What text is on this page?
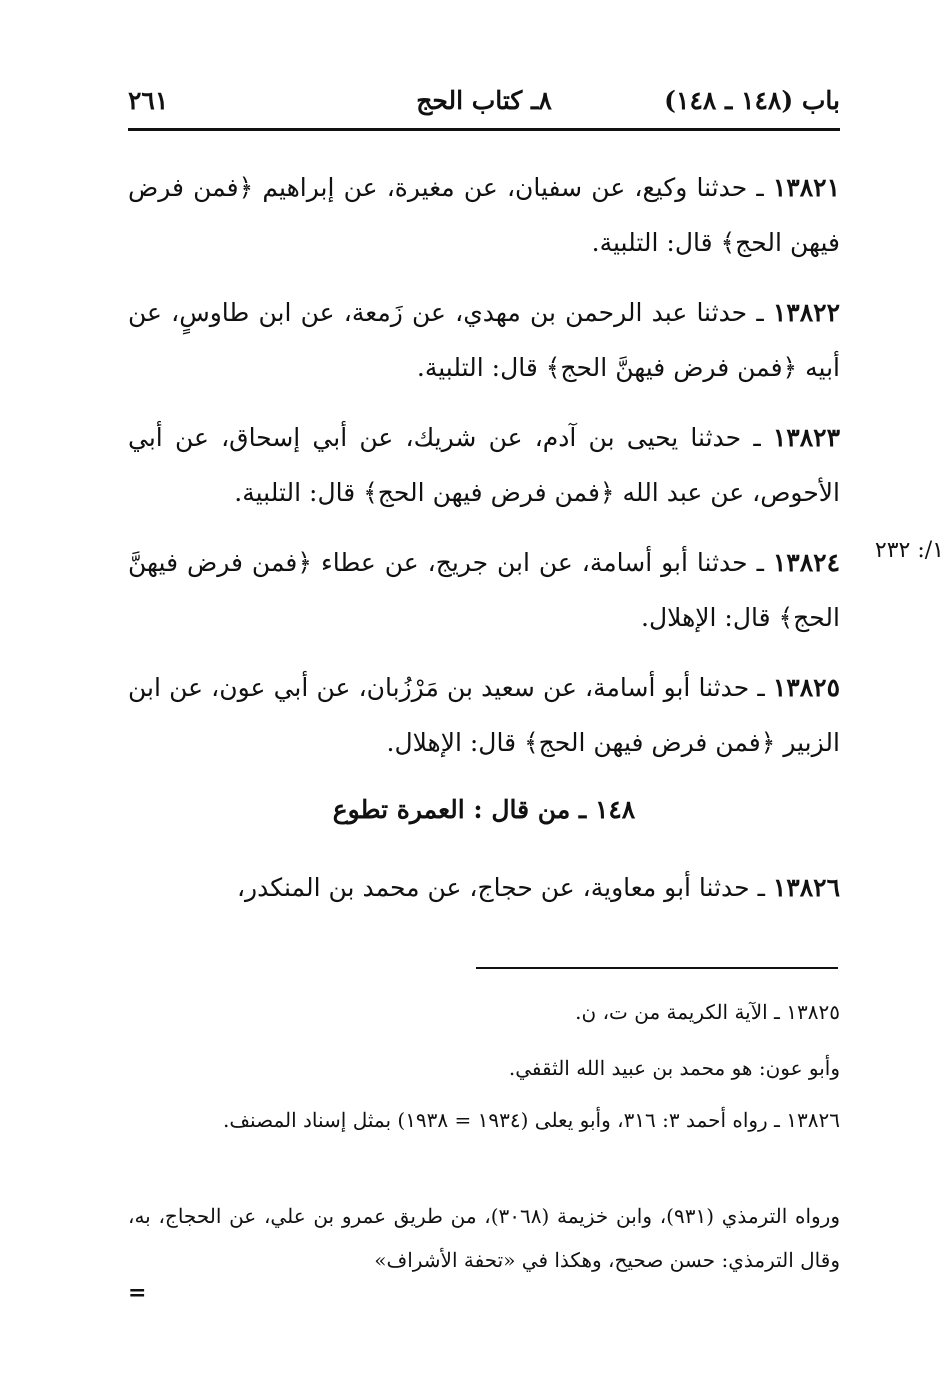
باب (١٤٨ ـ ١٤٨)
٨ـ كتاب الحج
٢٦١
١٣٨٢١ ـ حدثنا وكيع، عن سفيان، عن مغيرة، عن إبراهيم ﴿فمن فرض فيهن الحج﴾ قال: التلبية.
١٣٨٢٢ ـ حدثنا عبد الرحمن بن مهدي، عن زَمعة، عن ابن طاوسٍ، عن أبيه ﴿فمن فرض فيهنَّ الحج﴾ قال: التلبية.
١٣٨٢٣ ـ حدثنا يحيى بن آدم، عن شريك، عن أبي إسحاق، عن أبي الأحوص، عن عبد الله ﴿فمن فرض فيهن الحج﴾ قال: التلبية.
١/: ٢٣٢
١٣٨٢٤ ـ حدثنا أبو أسامة، عن ابن جريج، عن عطاء ﴿فمن فرض فيهنَّ الحج﴾ قال: الإهلال.
١٣٨٢٥ ـ حدثنا أبو أسامة، عن سعيد بن مَرْزُبان، عن أبي عون، عن ابن الزبير ﴿فمن فرض فيهن الحج﴾ قال: الإهلال.
١٤٨ ـ من قال : العمرة تطوع
١٣٨٢٦ ـ حدثنا أبو معاوية، عن حجاج، عن محمد بن المنكدر،
١٣٨٢٥ ـ الآية الكريمة من ت، ن.
وأبو عون: هو محمد بن عبيد الله الثقفي.
١٣٨٢٦ ـ رواه أحمد ٣: ٣١٦، وأبو يعلى (١٩٣٤ = ١٩٣٨) بمثل إسناد المصنف.
ورواه الترمذي (٩٣١)، وابن خزيمة (٣٠٦٨)، من طريق عمرو بن علي، عن الحجاج، به، وقال الترمذي: حسن صحيح، وهكذا في «تحفة الأشراف»
=
